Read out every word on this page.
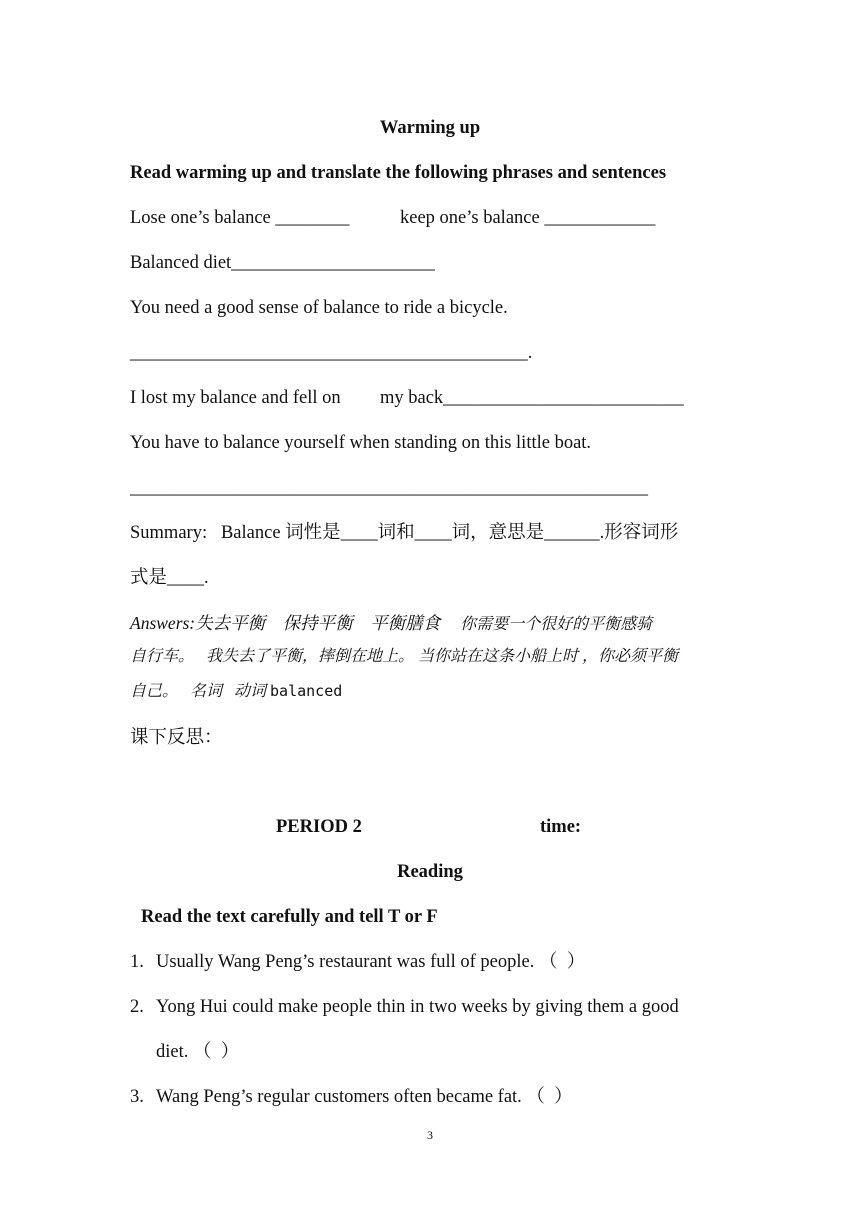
Warming up
Read warming up and translate the following phrases and sentences
Lose one’s balance ________	keep one’s balance ____________
Balanced diet______________________
You need a good sense of balance to ride a bicycle.
___________________________________________.
I lost my balance and fell on my back__________________________
You have to balance yourself when standing on this little boat.
________________________________________________________
Summary:   Balance 词性是____词和____词，意思是______.形容词形
式是____.
Answers:失去平衡    保持平衡    平衡膳食 你需要一个很好的平衡感骑
自行车。   我失去了平衡，摔倒在地上。 当你站在这条小船上时 ，你必须平衡
自己。   名词   动词 balanced
课下反思：
PERIOD 2	time:
Reading
Read the text carefully and tell T or F
1. Usually Wang Peng’s restaurant was full of people. （  ）
2. Yong Hui could make people thin in two weeks by giving them a good
diet. （  ）
3. Wang Peng’s regular customers often became fat. （  ）
3
